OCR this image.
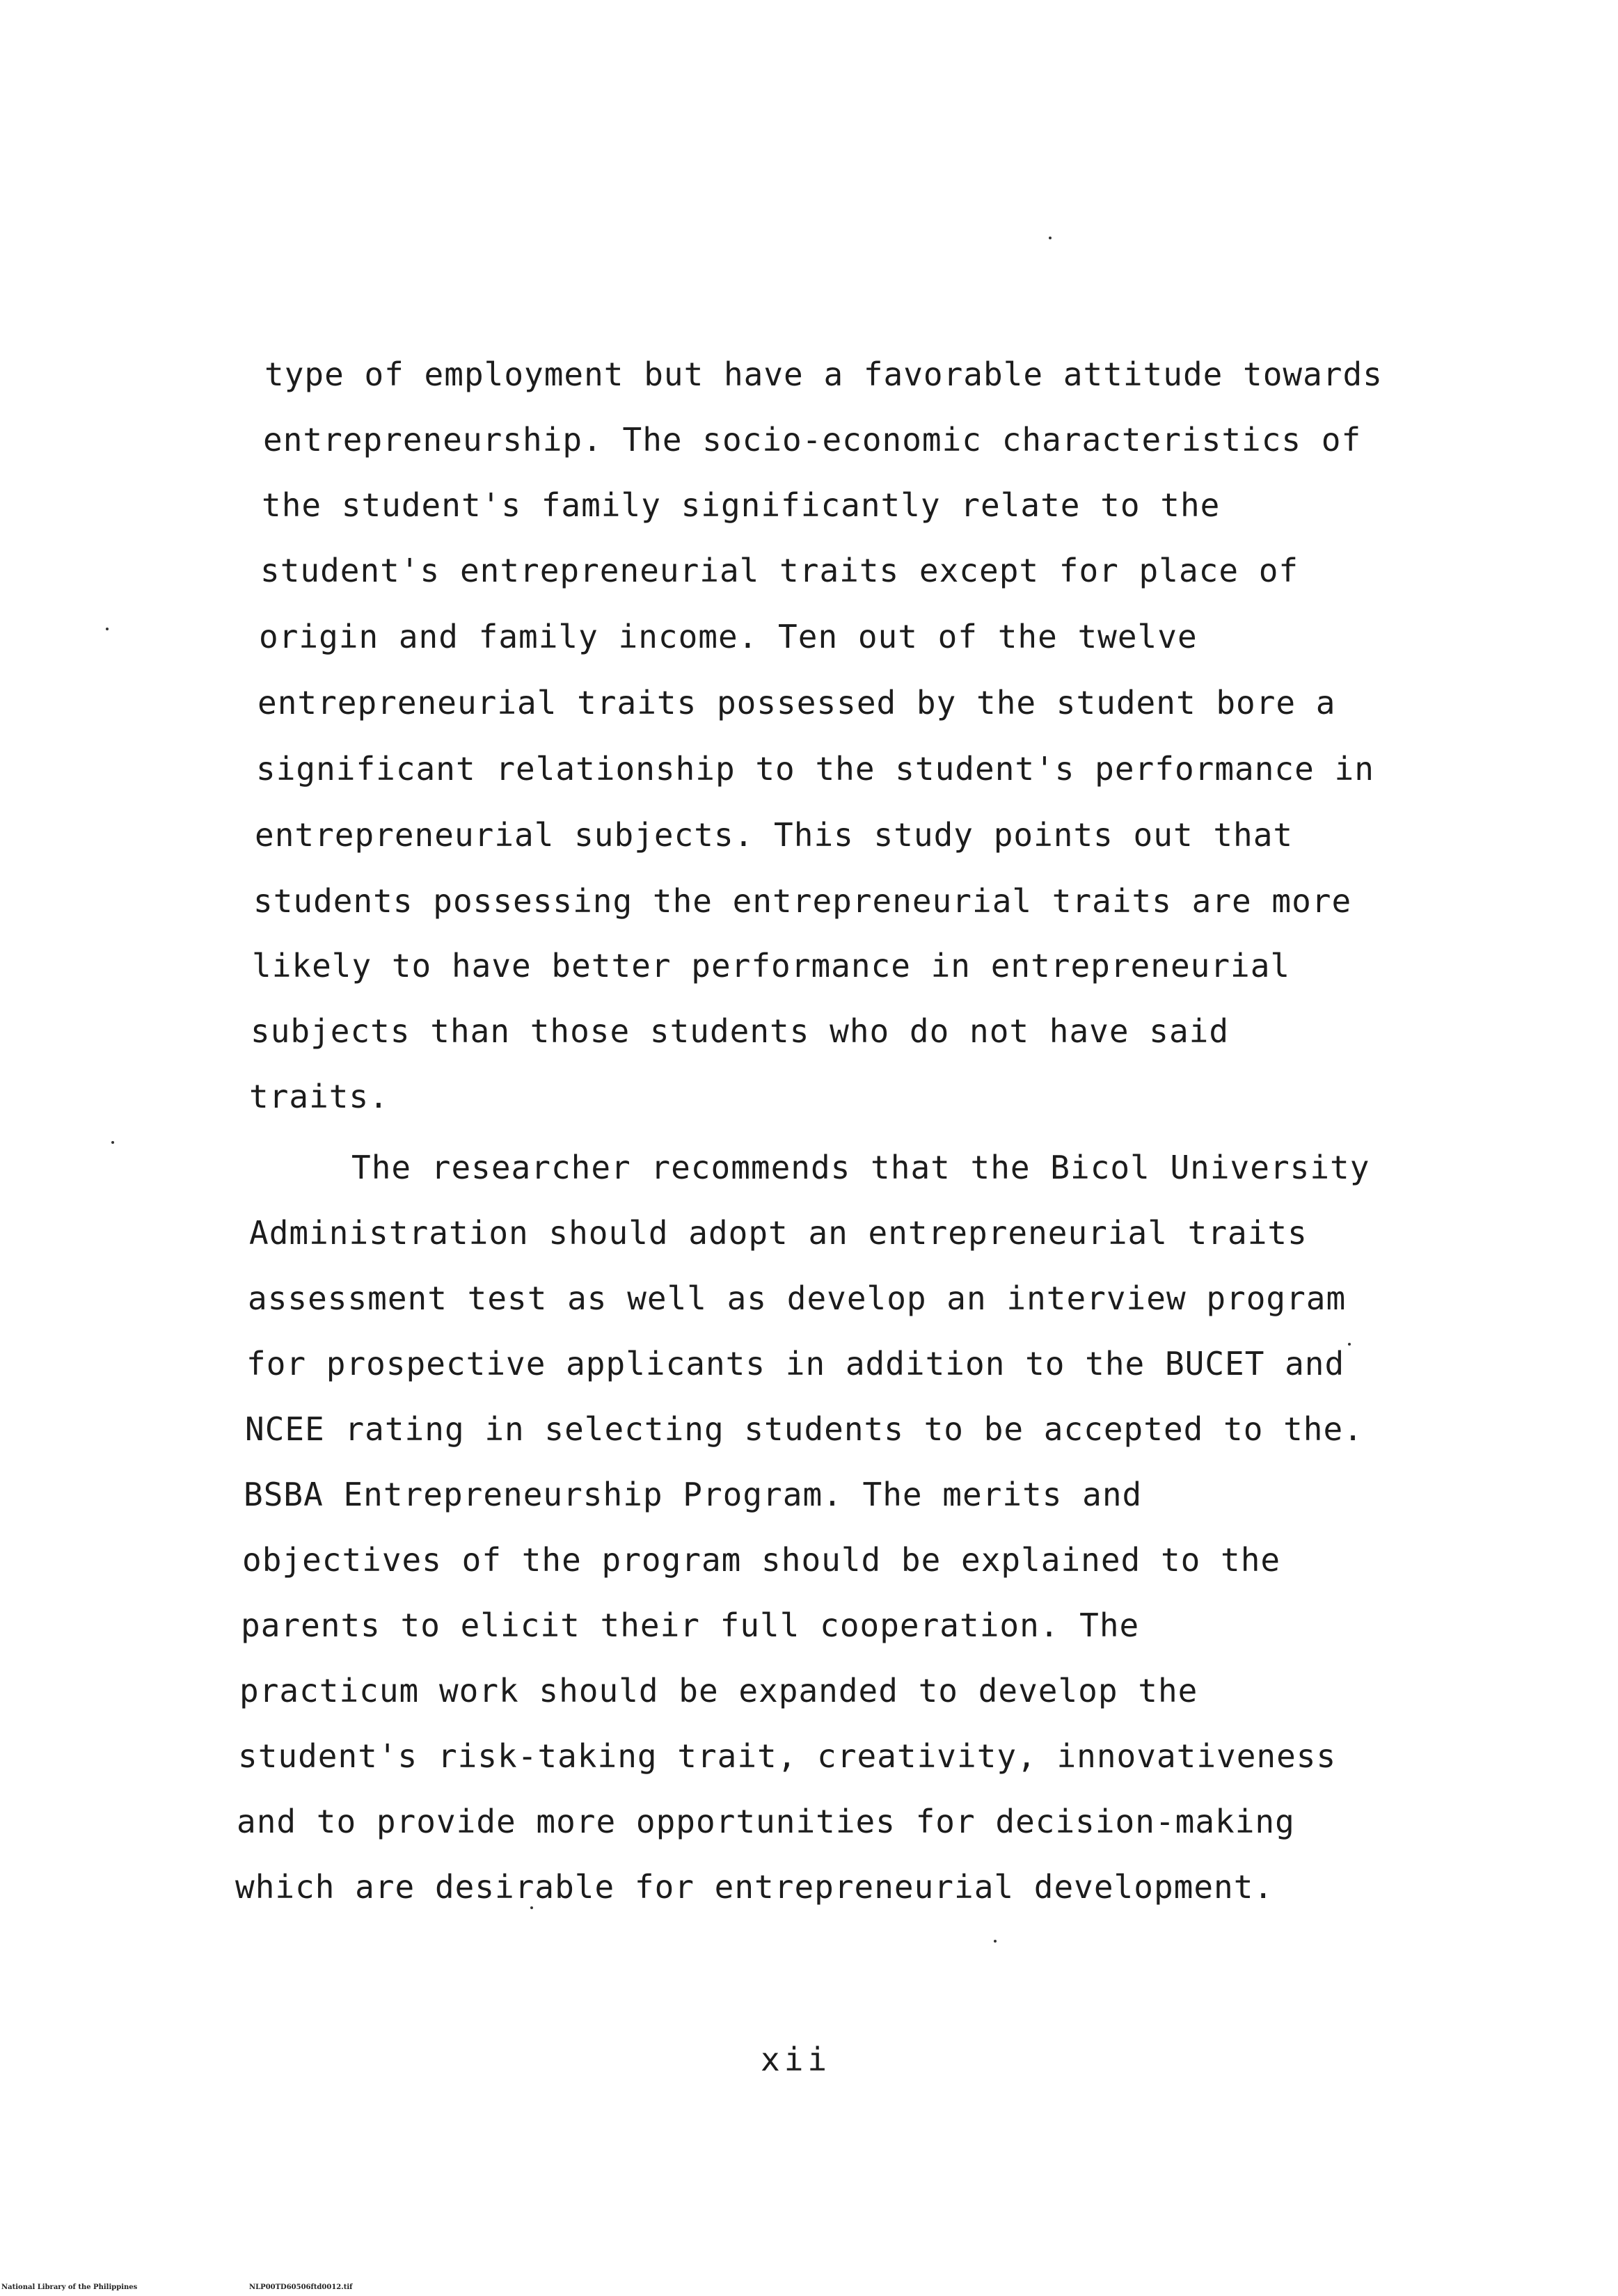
type of employment but have a favorable attitude towards
entrepreneurship. The socio-economic characteristics of
the student's family significantly relate to the
student's entrepreneurial traits except for place of
origin and family income. Ten out of the twelve
entrepreneurial traits possessed by the student bore a
significant relationship to the student's performance in
entrepreneurial subjects. This study points out that
students possessing the entrepreneurial traits are more
likely to have better performance in entrepreneurial
subjects than those students who do not have said
traits.
The researcher recommends that the Bicol University
Administration should adopt an entrepreneurial traits
assessment test as well as develop an interview program
for prospective applicants in addition to the BUCET and
NCEE rating in selecting students to be accepted to the.
BSBA Entrepreneurship Program. The merits and
objectives of the program should be explained to the
parents to elicit their full cooperation. The
practicum work should be expanded to develop the
student's risk-taking trait, creativity, innovativeness
and to provide more opportunities for decision-making
which are desirable for entrepreneurial development.
xii
National Library of the Philippines	NLP00TD60506ftd0012.tif
